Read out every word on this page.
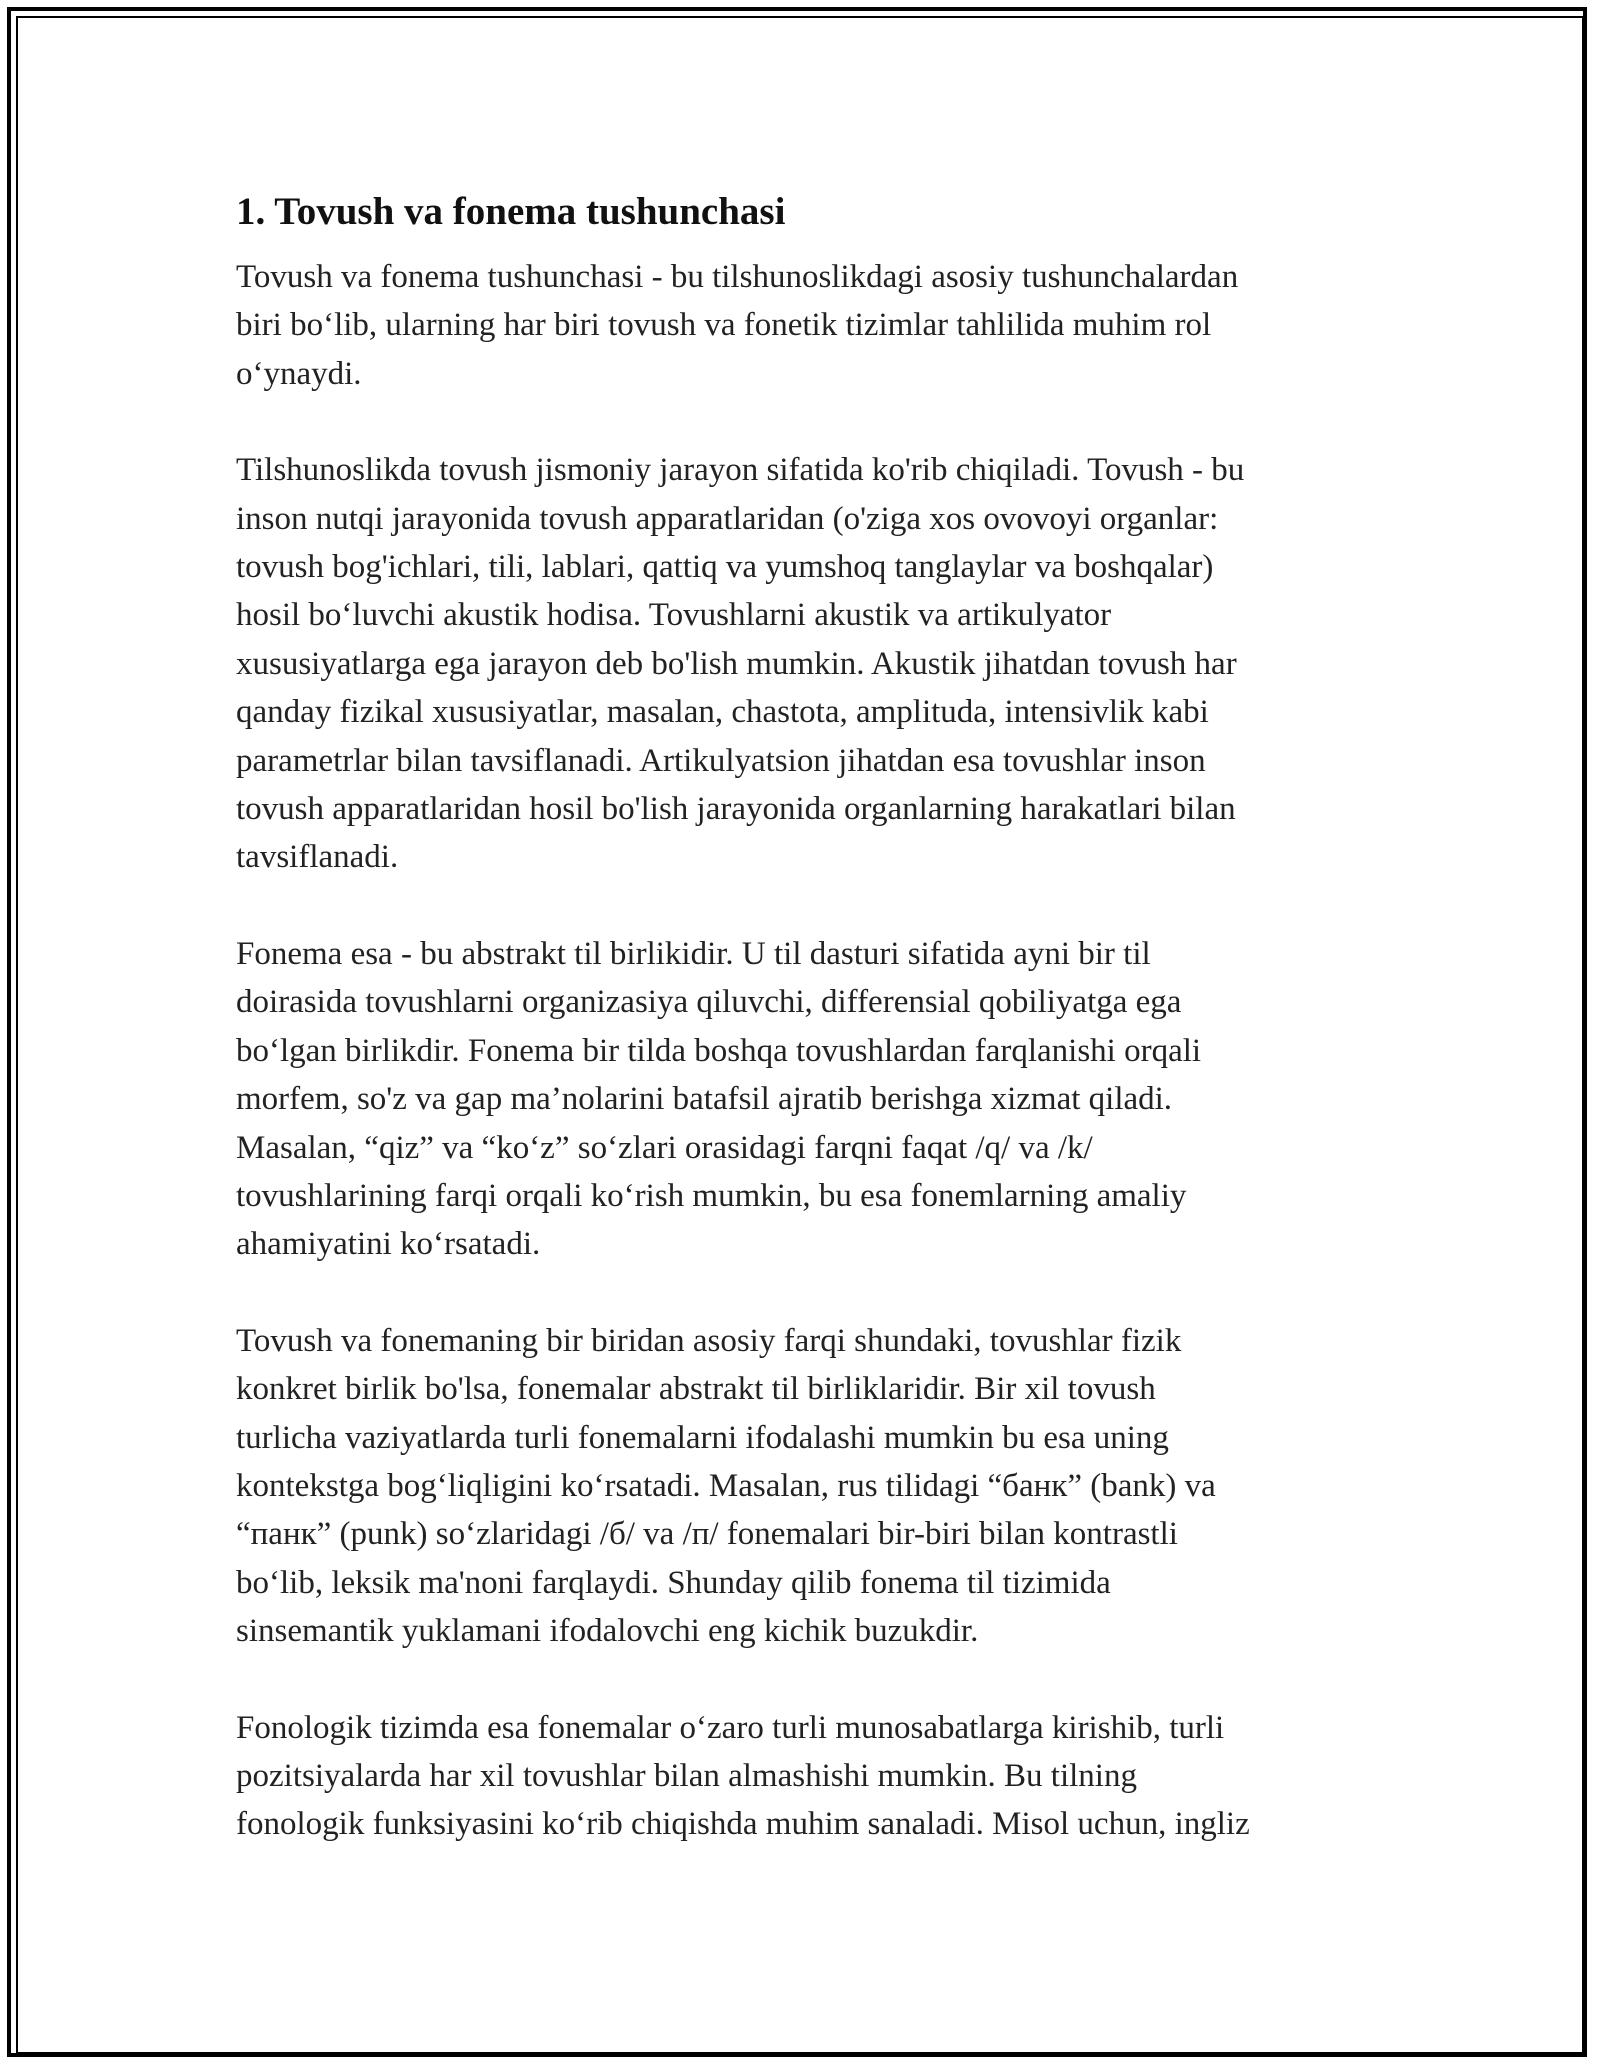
1. Tovush va fonema tushunchasi

Tovush va fonema tushunchasi - bu tilshunoslikdagi asosiy tushunchalardan
biri bo‘lib, ularning har biri tovush va fonetik tizimlar tahlilida muhim rol
o‘ynaydi.

Tilshunoslikda tovush jismoniy jarayon sifatida ko'rib chiqiladi. Tovush - bu
inson nutqi jarayonida tovush apparatlaridan (o'ziga xos ovovoyi organlar:
tovush bog'ichlari, tili, lablari, qattiq va yumshoq tanglaylar va boshqalar)
hosil bo‘luvchi akustik hodisa. Tovushlarni akustik va artikulyator
xususiyatlarga ega jarayon deb bo'lish mumkin. Akustik jihatdan tovush har
qanday fizikal xususiyatlar, masalan, chastota, amplituda, intensivlik kabi
parametrlar bilan tavsiflanadi. Artikulyatsion jihatdan esa tovushlar inson
tovush apparatlaridan hosil bo'lish jarayonida organlarning harakatlari bilan
tavsiflanadi.

Fonema esa - bu abstrakt til birlikidir. U til dasturi sifatida ayni bir til
doirasida tovushlarni organizasiya qiluvchi, differensial qobiliyatga ega
bo‘lgan birlikdir. Fonema bir tilda boshqa tovushlardan farqlanishi orqali
morfem, so'z va gap ma’nolarini batafsil ajratib berishga xizmat qiladi.
Masalan, “qiz” va “ko‘z” so‘zlari orasidagi farqni faqat /q/ va /k/
tovushlarining farqi orqali ko‘rish mumkin, bu esa fonemlarning amaliy
ahamiyatini ko‘rsatadi.

Tovush va fonemaning bir biridan asosiy farqi shundaki, tovushlar fizik
konkret birlik bo'lsa, fonemalar abstrakt til birliklaridir. Bir xil tovush
turlicha vaziyatlarda turli fonemalarni ifodalashi mumkin bu esa uning
kontekstga bog‘liqligini ko‘rsatadi. Masalan, rus tilidagi “банк” (bank) va
“панк” (punk) so‘zlaridagi /б/ va /п/ fonemalari bir-biri bilan kontrastli
bo‘lib, leksik ma'noni farqlaydi. Shunday qilib fonema til tizimida
sinsemantik yuklamani ifodalovchi eng kichik buzukdir.

Fonologik tizimda esa fonemalar o‘zaro turli munosabatlarga kirishib, turli
pozitsiyalarda har xil tovushlar bilan almashishi mumkin. Bu tilning
fonologik funksiyasini ko‘rib chiqishda muhim sanaladi. Misol uchun, ingliz
